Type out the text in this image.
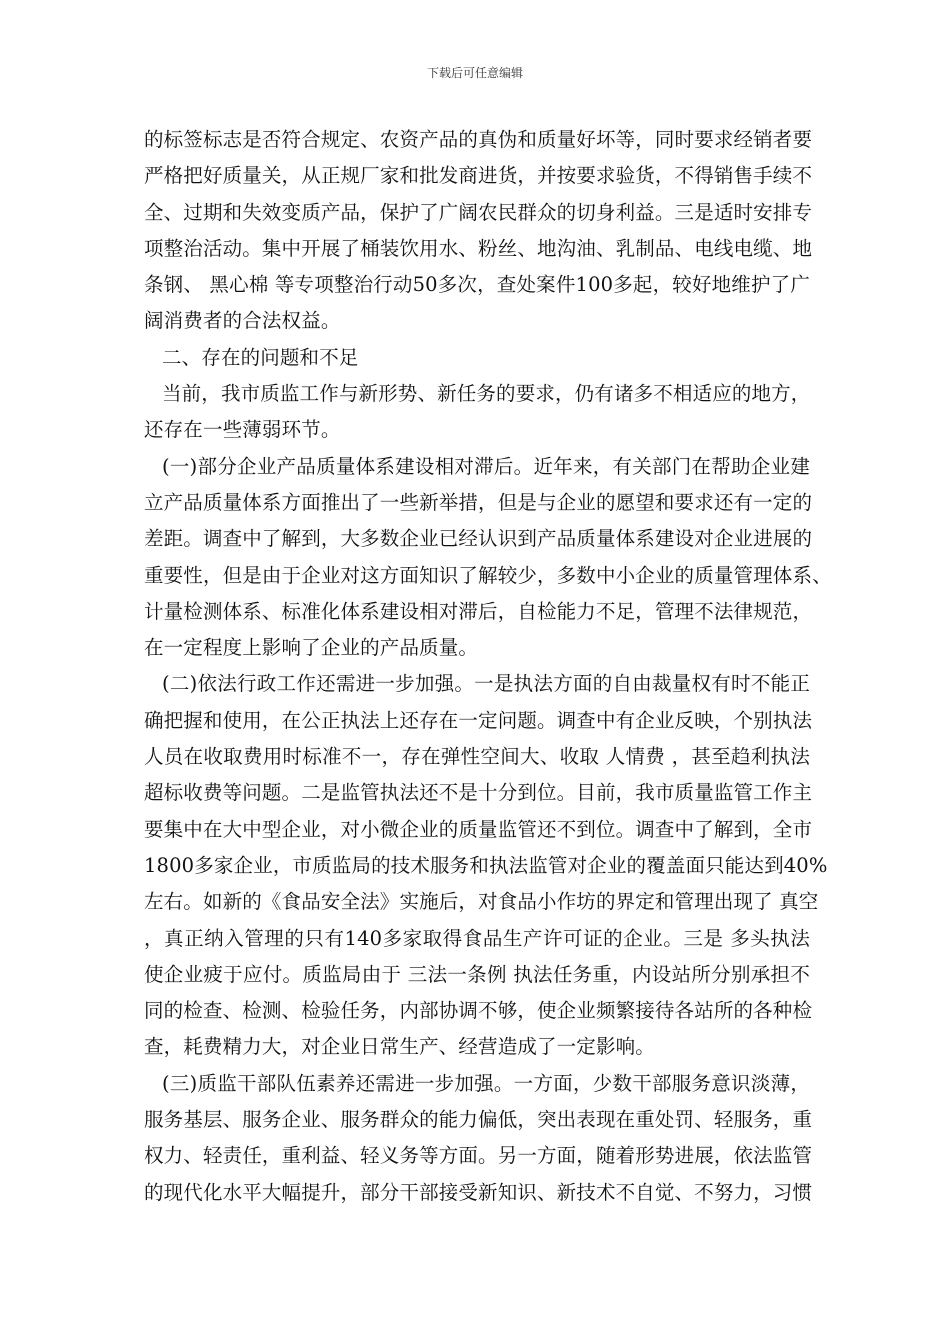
下载后可任意编辑
的标签标志是否符合规定、农资产品的真伪和质量好坏等，同时要求经销者要
严格把好质量关，从正规厂家和批发商进货，并按要求验货，不得销售手续不
全、过期和失效变质产品，保护了广阔农民群众的切身利益。三是适时安排专
项整治活动。集中开展了桶装饮用水、粉丝、地沟油、乳制品、电线电缆、地
条钢、 黑心棉 等专项整治行动50多次，查处案件100多起，较好地维护了广
阔消费者的合法权益。
二、存在的问题和不足
当前，我市质监工作与新形势、新任务的要求，仍有诸多不相适应的地方，
还存在一些薄弱环节。
(一)部分企业产品质量体系建设相对滞后。近年来，有关部门在帮助企业建
立产品质量体系方面推出了一些新举措，但是与企业的愿望和要求还有一定的
差距。调查中了解到，大多数企业已经认识到产品质量体系建设对企业进展的
重要性，但是由于企业对这方面知识了解较少，多数中小企业的质量管理体系、
计量检测体系、标准化体系建设相对滞后，自检能力不足，管理不法律规范，
在一定程度上影响了企业的产品质量。
(二)依法行政工作还需进一步加强。一是执法方面的自由裁量权有时不能正
确把握和使用，在公正执法上还存在一定问题。调查中有企业反映，个别执法
人员在收取费用时标准不一，存在弹性空间大、收取 人情费 ，甚至趋利执法
超标收费等问题。二是监管执法还不是十分到位。目前，我市质量监管工作主
要集中在大中型企业，对小微企业的质量监管还不到位。调查中了解到，全市
1800多家企业，市质监局的技术服务和执法监管对企业的覆盖面只能达到40%
左右。如新的《食品安全法》实施后，对食品小作坊的界定和管理出现了 真空
，真正纳入管理的只有140多家取得食品生产许可证的企业。三是 多头执法
使企业疲于应付。质监局由于 三法一条例 执法任务重，内设站所分别承担不
同的检查、检测、检验任务，内部协调不够，使企业频繁接待各站所的各种检
查，耗费精力大，对企业日常生产、经营造成了一定影响。
(三)质监干部队伍素养还需进一步加强。一方面，少数干部服务意识淡薄，
服务基层、服务企业、服务群众的能力偏低，突出表现在重处罚、轻服务，重
权力、轻责任，重利益、轻义务等方面。另一方面，随着形势进展，依法监管
的现代化水平大幅提升，部分干部接受新知识、新技术不自觉、不努力，习惯
